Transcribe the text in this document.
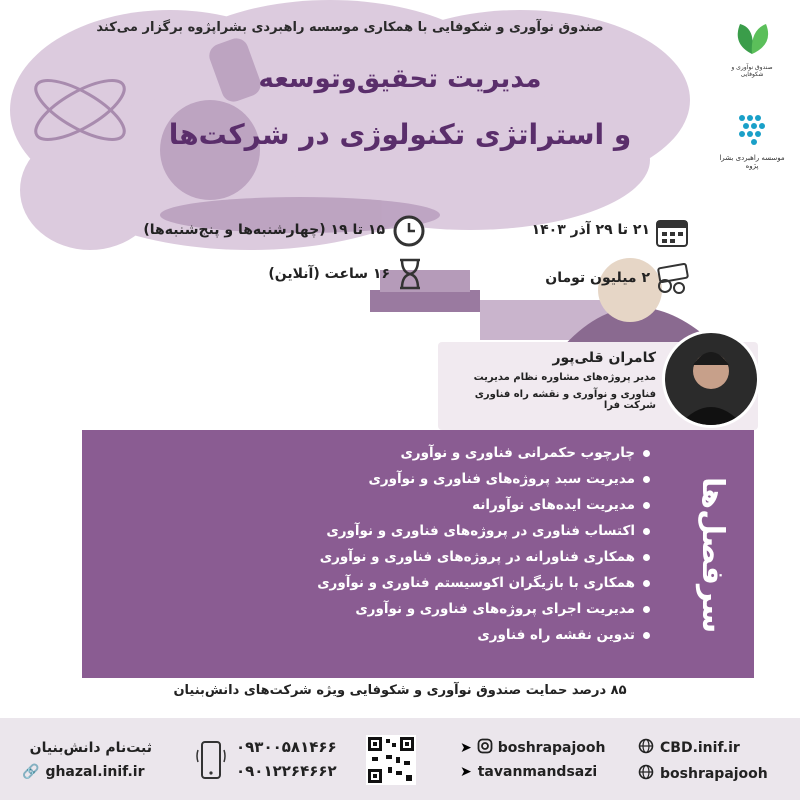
صندوق نوآوری و شکوفایی
موسسه راهبردی بشرا پژوه
صندوق نوآوری و شکوفایی با همکاری موسسه راهبردی بشراپژوه برگزار می‌کند
مدیریت تحقیق‌وتوسعه
و استراتژی تکنولوژی در شرکت‌ها
۲۱ تا ۲۹ آذر ۱۴۰۳
۱۵ تا ۱۹ (چهارشنبه‌ها و پنج‌شنبه‌ها)
۲ میلیون تومان
۱۶ ساعت (آنلاین)
کامران قلی‌پور
مدیر پروژه‌های مشاوره نظام مدیریت
فناوری و نوآوری و نقشه راه فناوری شرکت فرا
سرفصل‌ها
چارچوب حکمرانی فناوری و نوآوری
مدیریت سبد پروژه‌های فناوری و نوآوری
مدیریت ایده‌های نوآورانه
اکتساب فناوری در پروژه‌های فناوری و نوآوری
همکاری فناورانه در پروژه‌های فناوری و نوآوری
همکاری با بازیگران اکوسیستم فناوری و نوآوری
مدیریت اجرای پروژه‌های فناوری و نوآوری
تدوین نقشه راه فناوری
۸۵ درصد حمایت صندوق نوآوری و شکوفایی ویژه شرکت‌های دانش‌بنیان
ثبت‌نام دانش‌بنیان
🔗 ghazal.inif.ir
۰۹۳۰۰۵۸۱۴۶۶
۰۹۰۱۲۲۶۴۶۶۲
➤ boshrapajooh
➤ tavanmandsazi
CBD.inif.ir
boshrapajooh
